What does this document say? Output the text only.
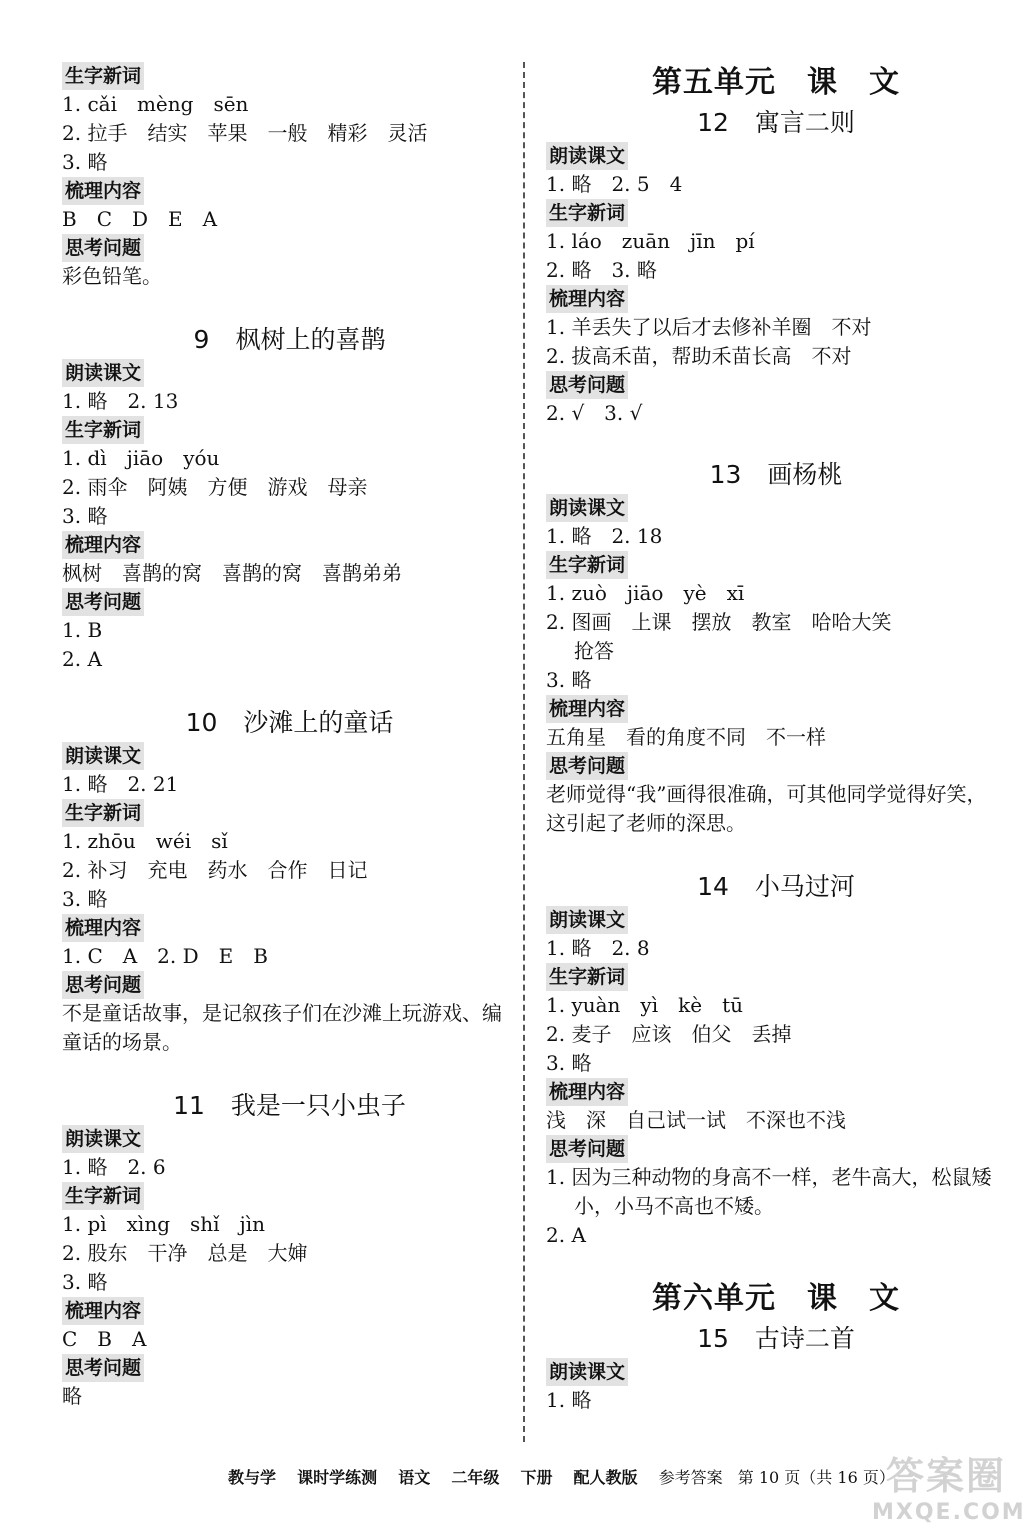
生字新词
1. cǎi　mèng　sēn
2. 拉手　结实　苹果　一般　精彩　灵活
3. 略
梳理内容
B　C　D　E　A
思考问题
彩色铅笔。
9 枫树上的喜鹊
朗读课文
1. 略　2. 13
生字新词
1. dì　jiāo　yóu
2. 雨伞　阿姨　方便　游戏　母亲
3. 略
梳理内容
枫树　喜鹊的窝　喜鹊的窝　喜鹊弟弟
思考问题
1. B
2. A
10 沙滩上的童话
朗读课文
1. 略　2. 21
生字新词
1. zhōu　wéi　sǐ
2. 补习　充电　药水　合作　日记
3. 略
梳理内容
1. C　A　2. D　E　B
思考问题
不是童话故事，是记叙孩子们在沙滩上玩游戏、编童话的场景。
11 我是一只小虫子
朗读课文
1. 略　2. 6
生字新词
1. pì　xìng　shǐ　jìn
2. 股东　干净　总是　大婶
3. 略
梳理内容
C　B　A
思考问题
略
第五单元　课　文
12 寓言二则
朗读课文
1. 略　2. 5　4
生字新词
1. láo　zuān　jīn　pí
2. 略　3. 略
梳理内容
1. 羊丢失了以后才去修补羊圈　不对
2. 拔高禾苗，帮助禾苗长高　不对
思考问题
2. √　3. √
13 画杨桃
朗读课文
1. 略　2. 18
生字新词
1. zuò　jiāo　yè　xī
2. 图画　上课　摆放　教室　哈哈大笑
抢答
3. 略
梳理内容
五角星　看的角度不同　不一样
思考问题
老师觉得“我”画得很准确，可其他同学觉得好笑，这引起了老师的深思。
14 小马过河
朗读课文
1. 略　2. 8
生字新词
1. yuàn　yì　kè　tū
2. 麦子　应该　伯父　丢掉
3. 略
梳理内容
浅　深　自己试一试　不深也不浅
思考问题
1. 因为三种动物的身高不一样，老牛高大，松鼠矮小，小马不高也不矮。
2. A
第六单元　课　文
15 古诗二首
朗读课文
1. 略
教与学 课时学练测 语文 二年级 下册 配人教版 参考答案 第 10 页（共 16 页）
答案圈
MXQE.COM
